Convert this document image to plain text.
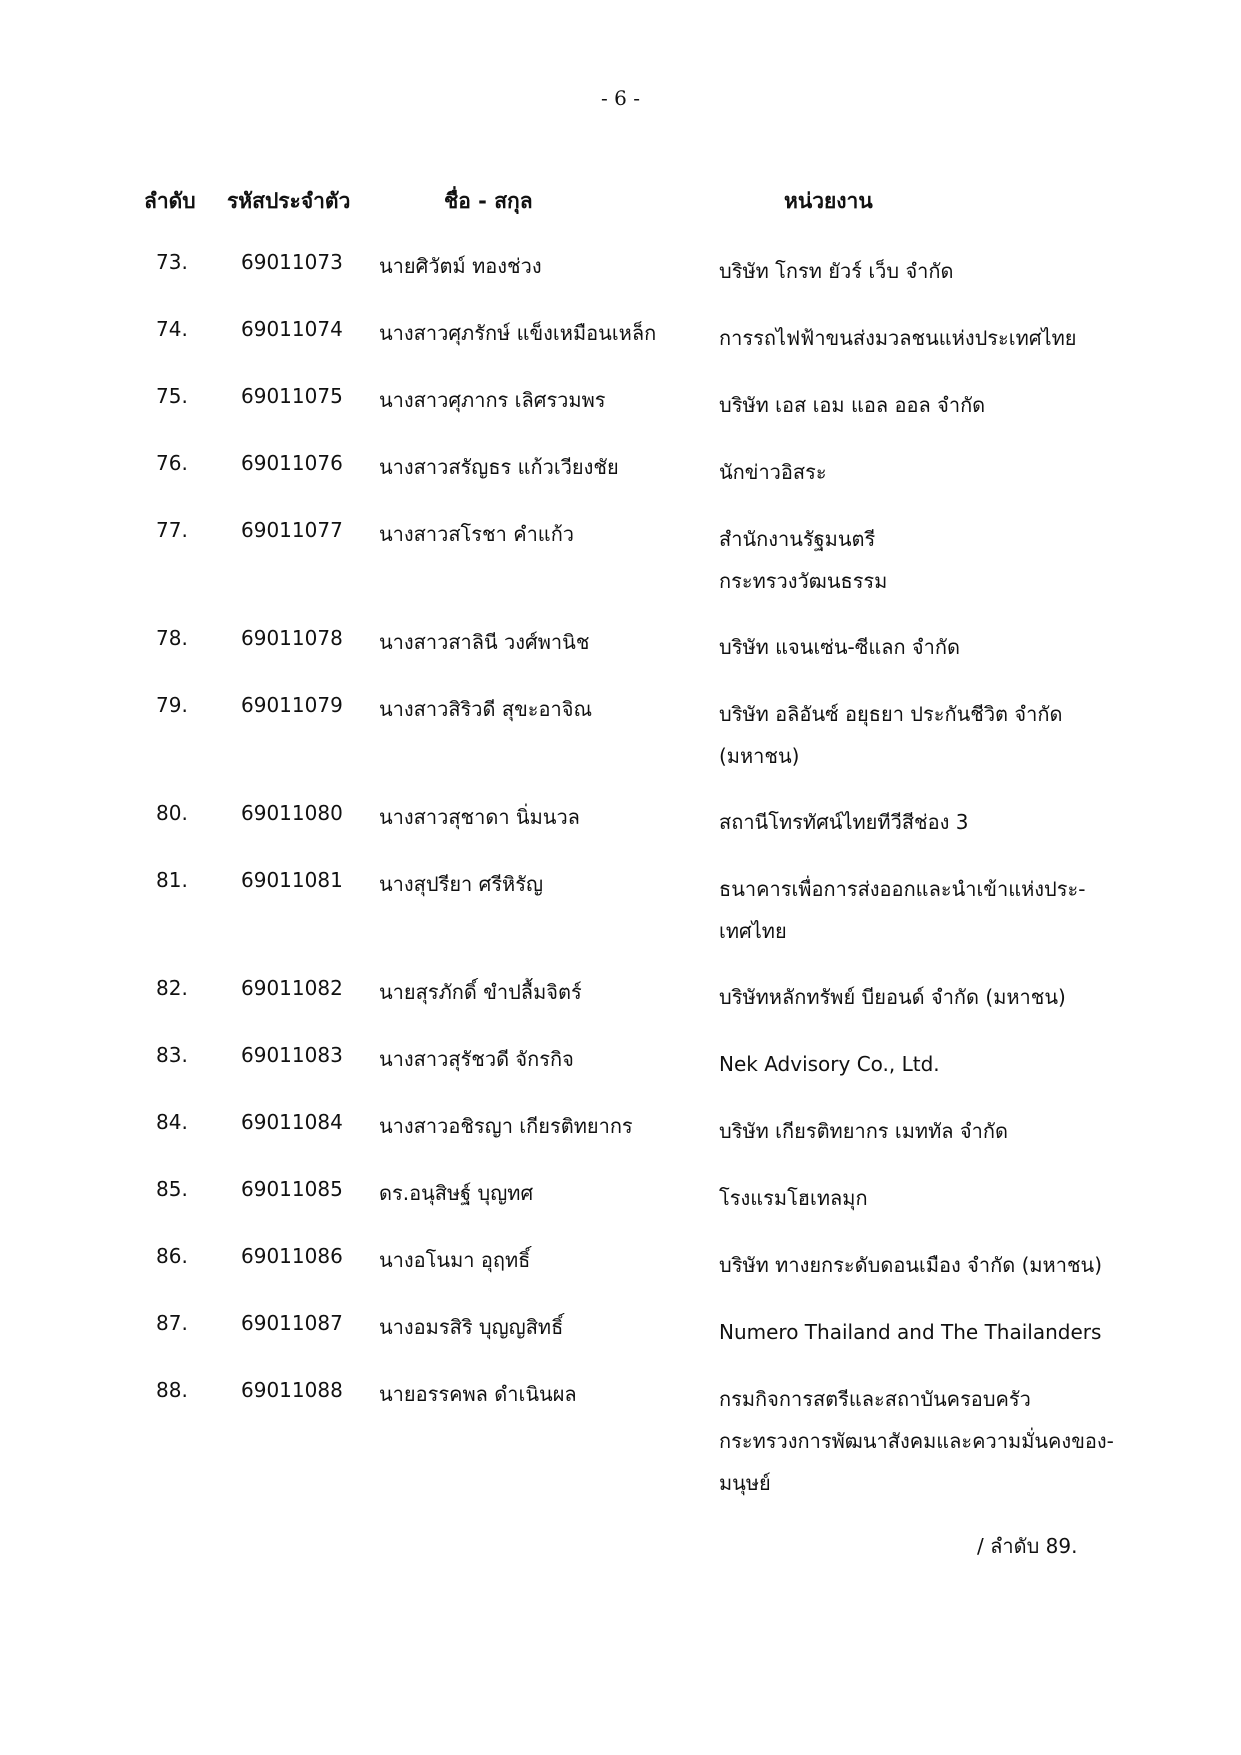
- 6 -
ลำดับ รหัสประจำตัว	ชื่อ - สกุล	หน่วยงาน
73.	69011073 นายศิวัตม์ ทองช่วง	บริษัท โกรท ยัวร์ เว็บ จำกัด
74.	69011074 นางสาวศุภรักษ์ แข็งเหมือนเหล็ก	การรถไฟฟ้าขนส่งมวลชนแห่งประเทศไทย
75.	69011075 นางสาวศุภากร เลิศรวมพร	บริษัท เอส เอม แอล ออล จำกัด
76.	69011076 นางสาวสรัญธร แก้วเวียงชัย	นักข่าวอิสระ
77.	69011077 นางสาวสโรชา คำแก้ว	สำนักงานรัฐมนตรี
กระทรวงวัฒนธรรม
78.	69011078 นางสาวสาลินี วงศ์พานิช	บริษัท แจนเซ่น-ซีแลก จำกัด
79.	69011079 นางสาวสิริวดี สุขะอาจิณ	บริษัท อลิอันซ์ อยุธยา ประกันชีวิต จำกัด
(มหาชน)
80.	69011080 นางสาวสุชาดา นิ่มนวล	สถานีโทรทัศน์ไทยทีวีสีช่อง 3
81.	69011081 นางสุปรียา ศรีหิรัญ	ธนาคารเพื่อการส่งออกและนำเข้าแห่งประ-
เทศไทย
82.	69011082 นายสุรภักดิ์ ขำปลื้มจิตร์	บริษัทหลักทรัพย์ บียอนด์ จำกัด (มหาชน)
83.	69011083 นางสาวสุรัชวดี จักรกิจ	Nek Advisory Co., Ltd.
84.	69011084 นางสาวอชิรญา เกียรติทยากร	บริษัท เกียรติทยากร เมททัล จำกัด
85.	69011085 ดร.อนุสิษฐ์ บุญทศ	โรงแรมโฮเทลมุก
86.	69011086 นางอโนมา อุฤทธิ์	บริษัท ทางยกระดับดอนเมือง จำกัด (มหาชน)
87.	69011087 นางอมรสิริ บุญญสิทธิ์	Numero Thailand and The Thailanders
88.	69011088 นายอรรคพล ดำเนินผล	กรมกิจการสตรีและสถาบันครอบครัว
กระทรวงการพัฒนาสังคมและความมั่นคงของ-
มนุษย์
/ ลำดับ 89.
